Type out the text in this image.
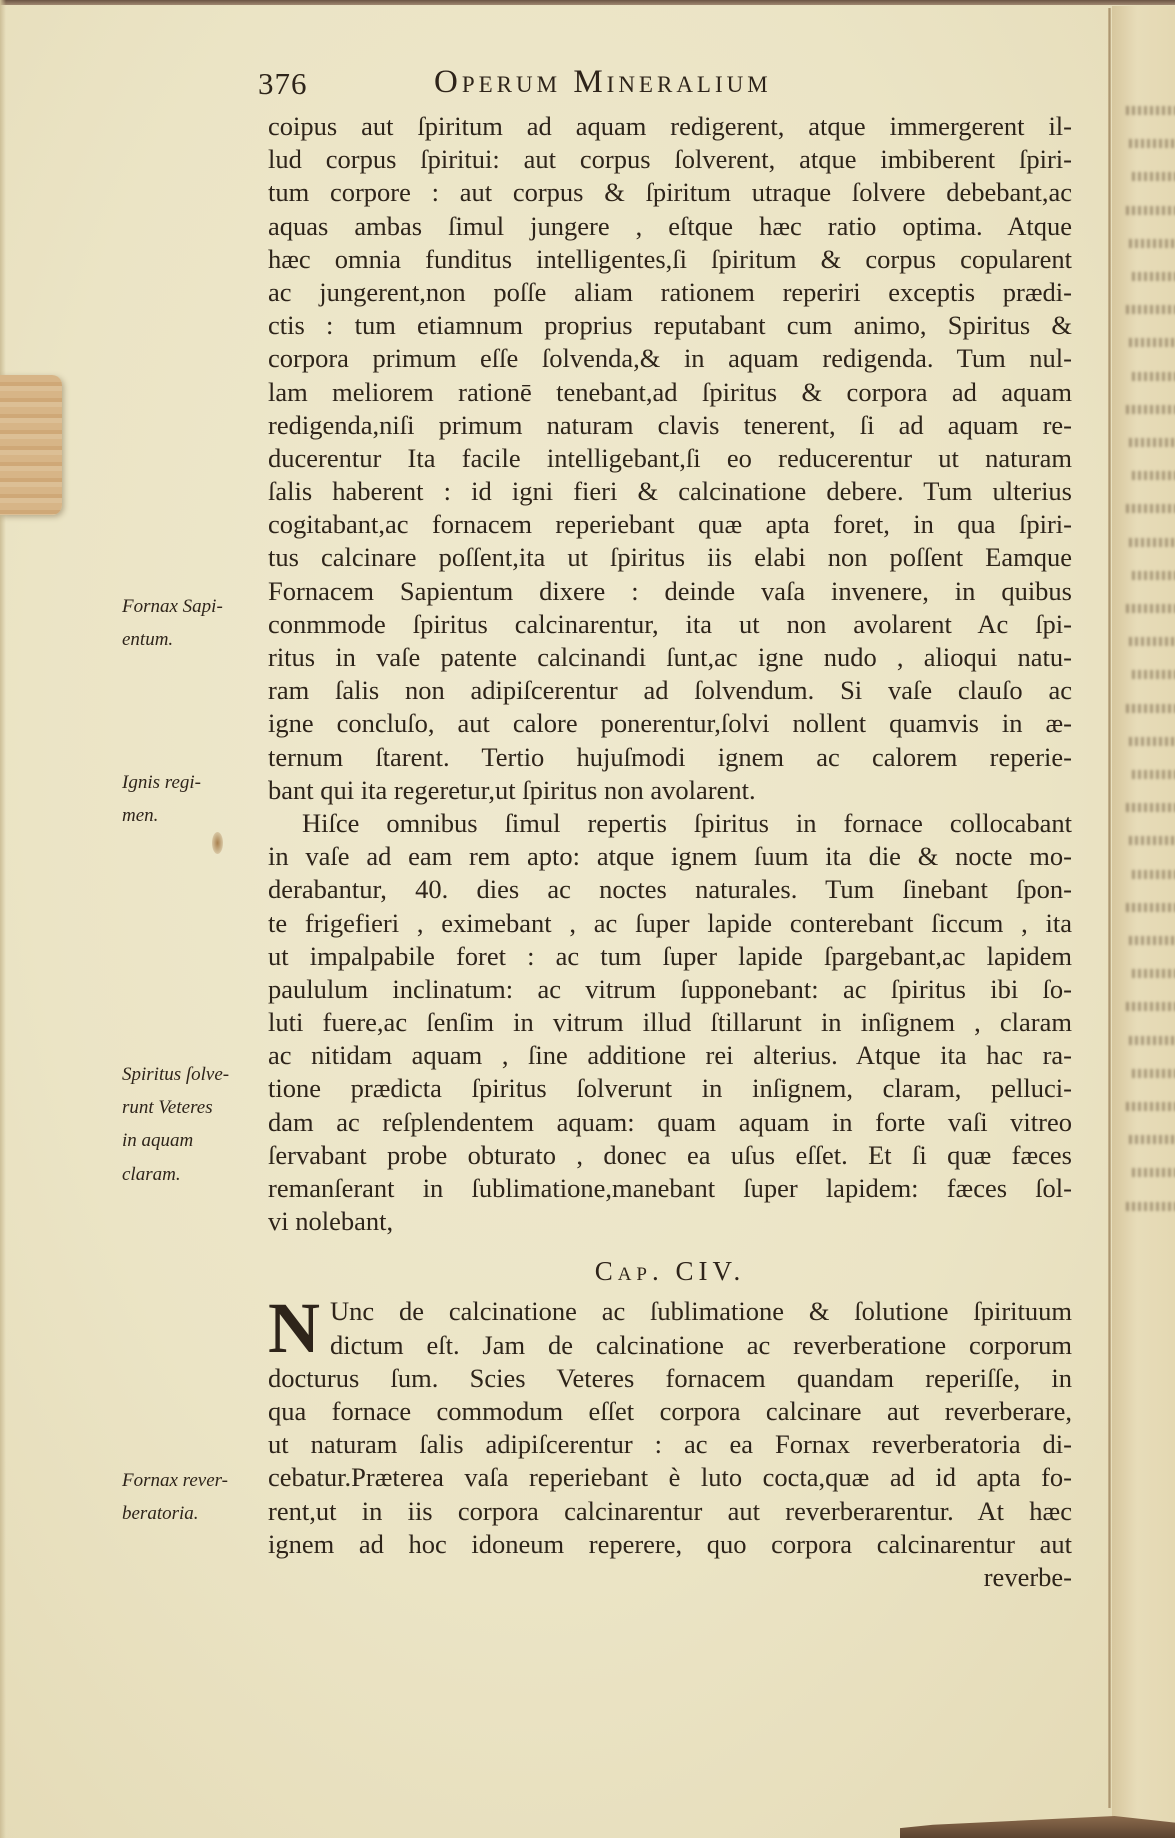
376	Operum Mineralium
coipus aut ſpiritum ad aquam redigerent, atque immergerent il-
lud corpus ſpiritui: aut corpus ſolverent, atque imbiberent ſpiri-
tum corpore : aut corpus & ſpiritum utraque ſolvere debebant,ac
aquas ambas ſimul jungere , eſtque hæc ratio optima. Atque
hæc omnia funditus intelligentes,ſi ſpiritum & corpus copularent
ac jungerent,non poſſe aliam rationem reperiri exceptis prædi-
ctis : tum etiamnum proprius reputabant cum animo, Spiritus &
corpora primum eſſe ſolvenda,& in aquam redigenda. Tum nul-
lam meliorem rationē tenebant,ad ſpiritus & corpora ad aquam
redigenda,niſi primum naturam clavis tenerent, ſi ad aquam re-
ducerentur Ita facile intelligebant,ſi eo reducerentur ut naturam
ſalis haberent : id igni fieri & calcinatione debere. Tum ulterius
cogitabant,ac fornacem reperiebant quæ apta foret, in qua ſpiri-
tus calcinare poſſent,ita ut ſpiritus iis elabi non poſſent Eamque
Fornacem Sapientum dixere : deinde vaſa invenere, in quibus
conmmode ſpiritus calcinarentur, ita ut non avolarent Ac ſpi-
ritus in vaſe patente calcinandi ſunt,ac igne nudo , alioqui natu-
ram ſalis non adipiſcerentur ad ſolvendum. Si vaſe clauſo ac
igne concluſo, aut calore ponerentur,ſolvi nollent quamvis in æ-
ternum ſtarent. Tertio hujuſmodi ignem ac calorem reperie-
bant qui ita regeretur,ut ſpiritus non avolarent.
Hiſce omnibus ſimul repertis ſpiritus in fornace collocabant
in vaſe ad eam rem apto: atque ignem ſuum ita die & nocte mo-
derabantur, 40. dies ac noctes naturales. Tum ſinebant ſpon-
te frigefieri , eximebant , ac ſuper lapide conterebant ſiccum , ita
ut impalpabile foret : ac tum ſuper lapide ſpargebant,ac lapidem
paululum inclinatum: ac vitrum ſupponebant: ac ſpiritus ibi ſo-
luti fuere,ac ſenſim in vitrum illud ſtillarunt in inſignem , claram
ac nitidam aquam , ſine additione rei alterius. Atque ita hac ra-
tione prædicta ſpiritus ſolverunt in inſignem, claram, pelluci-
dam ac reſplendentem aquam: quam aquam in forte vaſi vitreo
ſervabant probe obturato , donec ea uſus eſſet. Et ſi quæ fæces
remanſerant in ſublimatione,manebant ſuper lapidem: fæces ſol-
vi nolebant,
Cap. CIV.
N Unc de calcinatione ac ſublimatione & ſolutione ſpirituum
dictum eſt. Jam de calcinatione ac reverberatione corporum
docturus ſum. Scies Veteres fornacem quandam reperiſſe, in
qua fornace commodum eſſet corpora calcinare aut reverberare,
ut naturam ſalis adipiſcerentur : ac ea Fornax reverberatoria di-
cebatur.Præterea vaſa reperiebant è luto cocta,quæ ad id apta fo-
rent,ut in iis corpora calcinarentur aut reverberarentur. At hæc
ignem ad hoc idoneum reperere, quo corpora calcinarentur aut
reverbe-
Fornax Sapi-
entum.
Ignis regi-
men.
Spiritus ſolve-
runt Veteres
in aquam
claram.
Fornax rever-
beratoria.
